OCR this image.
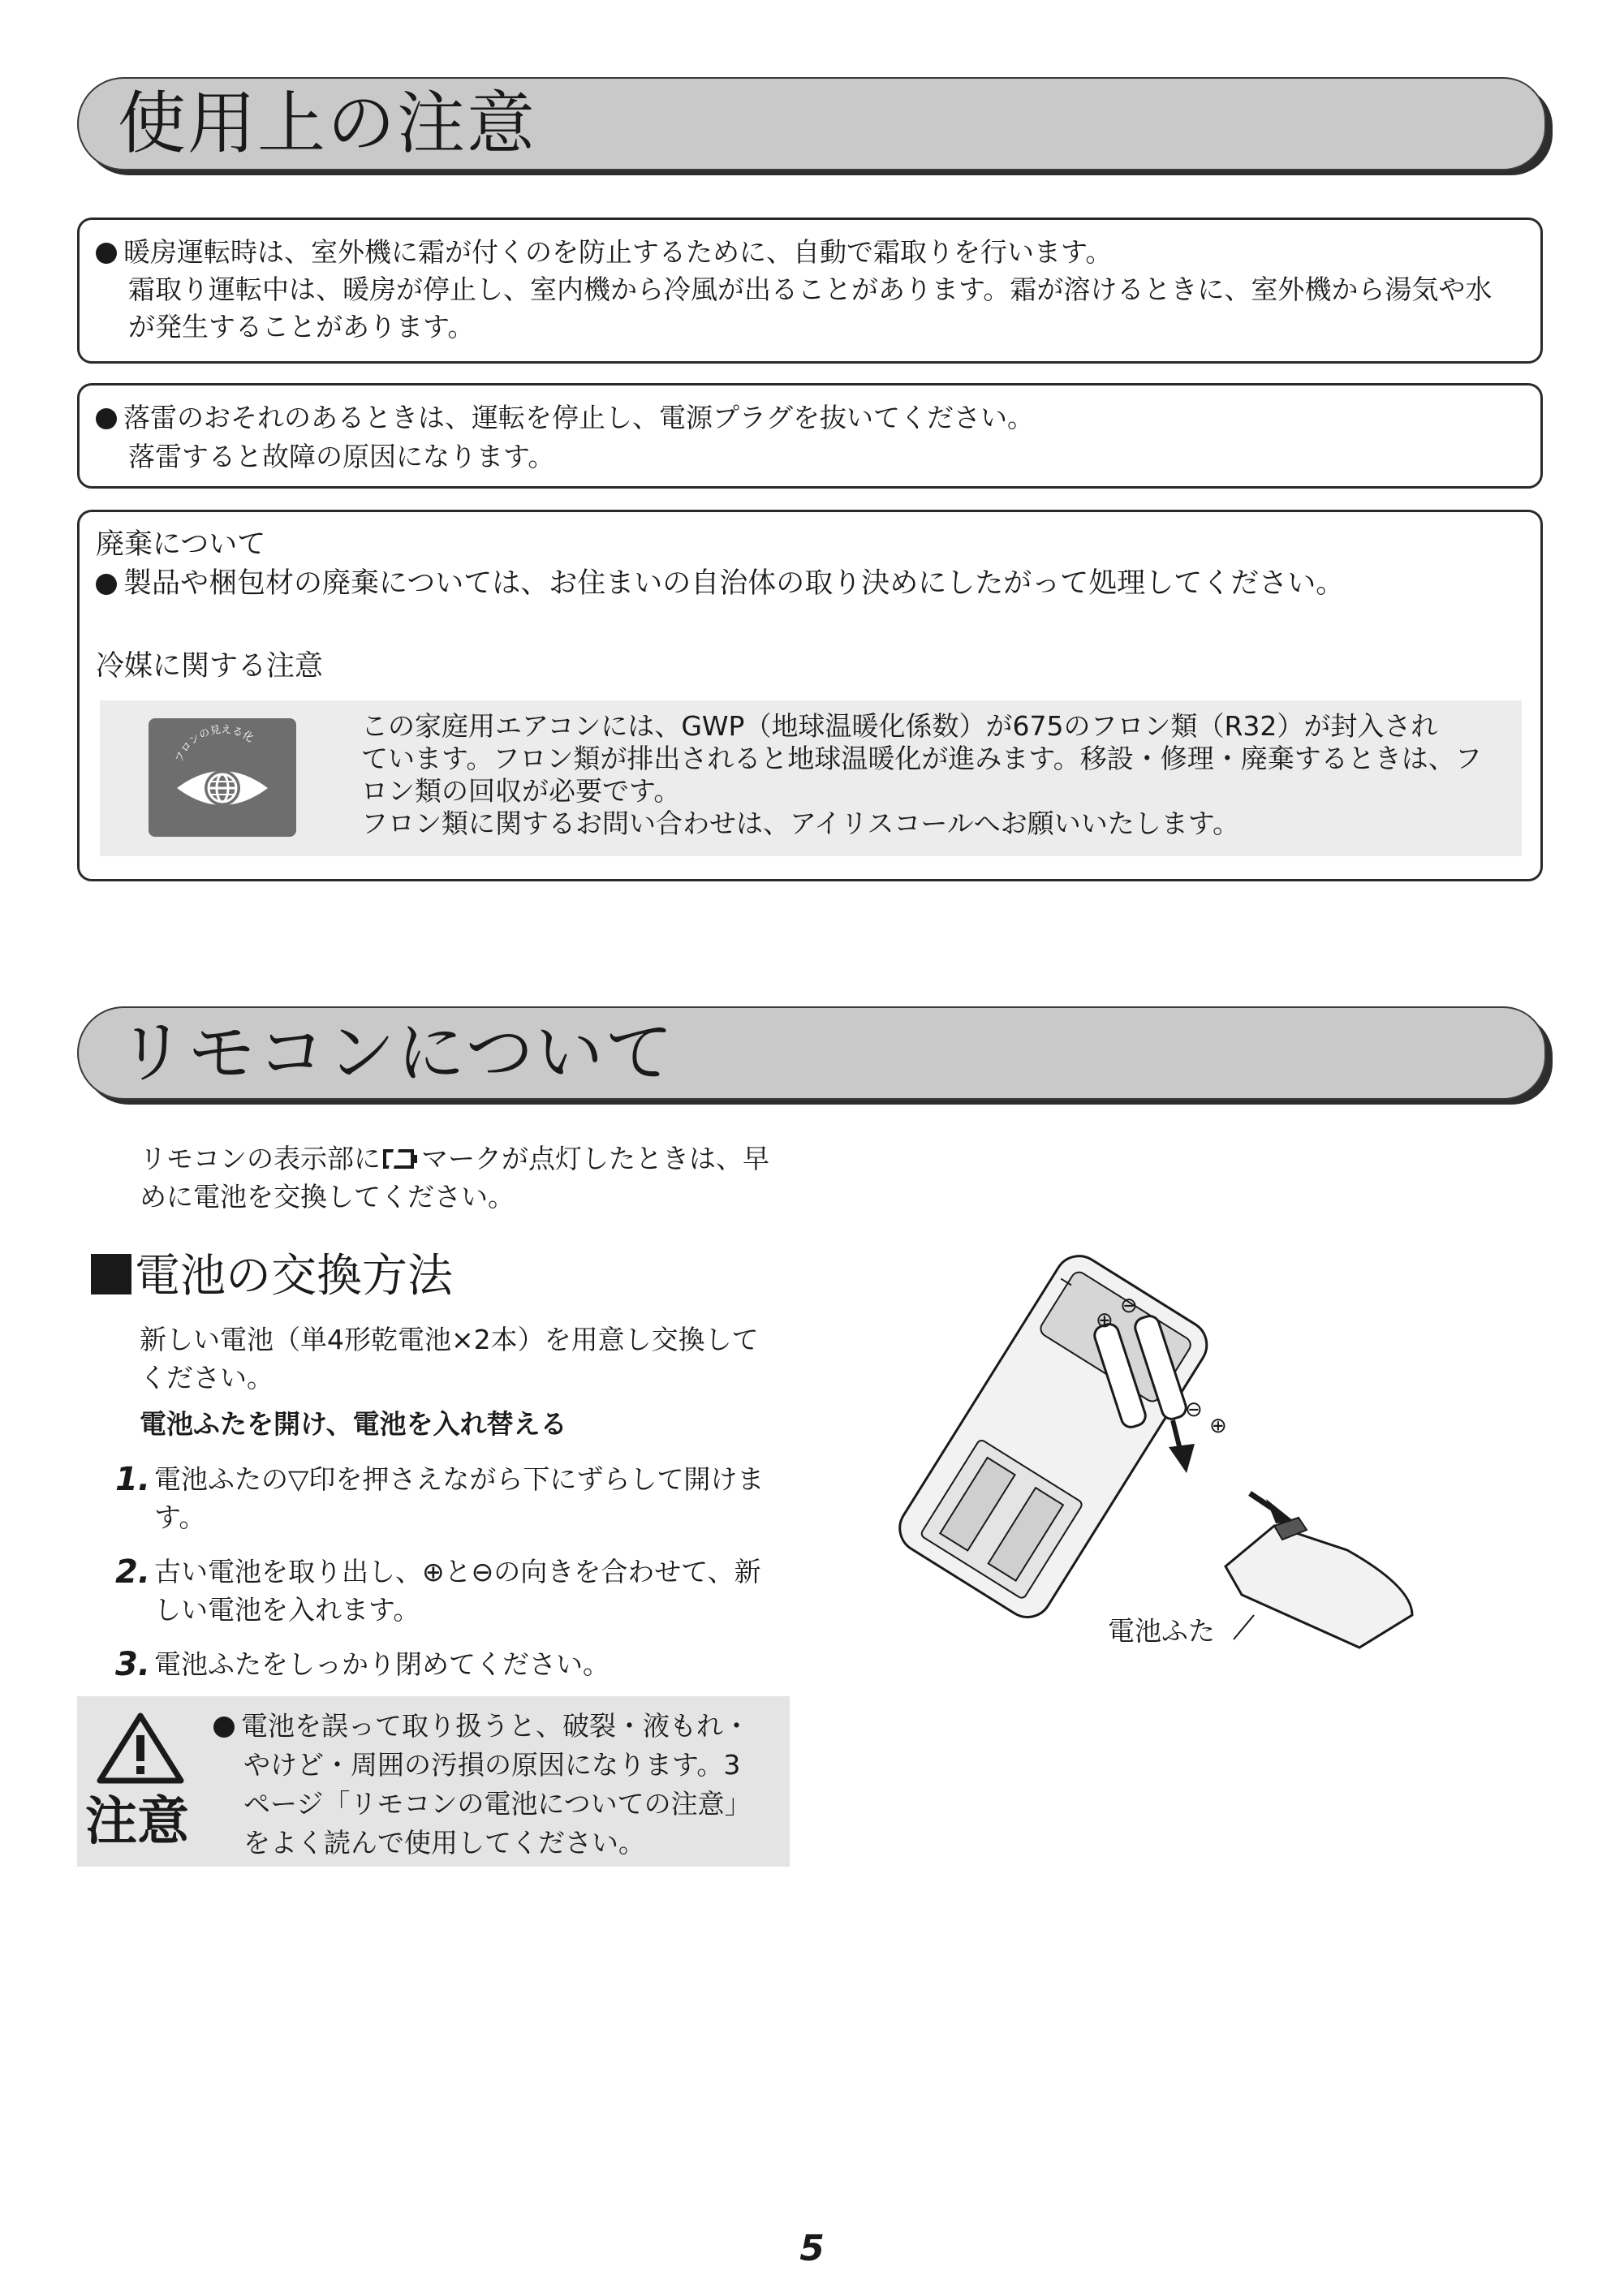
使用上の注意
暖房運転時は、室外機に霜が付くのを防止するために、自動で霜取りを行います。
霜取り運転中は、暖房が停止し、室内機から冷風が出ることがあります。霜が溶けるときに、室外機から湯気や水
が発生することがあります。
落雷のおそれのあるときは、運転を停止し、電源プラグを抜いてください。
落雷すると故障の原因になります。
廃棄について
製品や梱包材の廃棄については、お住まいの自治体の取り決めにしたがって処理してください。
冷媒に関する注意
フロンの見える化	この家庭用エアコンには、GWP（地球温暖化係数）が675のフロン類（R32）が封入され
ています。フロン類が排出されると地球温暖化が進みます。移設・修理・廃棄するときは、フ
ロン類の回収が必要です。
フロン類に関するお問い合わせは、アイリスコールへお願いいたします。
リモコンについて
リモコンの表示部に マークが点灯したときは、早
めに電池を交換してください。
電池の交換方法
新しい電池（単4形乾電池×2本）を用意し交換して
ください。
電池ふたを開け、電池を入れ替える
1. 電池ふたの▽印を押さえながら下にずらして開けま
す。
2. 古い電池を取り出し、⊕と⊖の向きを合わせて、新
しい電池を入れます。
3. 電池ふたをしっかり閉めてください。
注意
電池を誤って取り扱うと、破裂・液もれ・
やけど・周囲の汚損の原因になります。3
ページ「リモコンの電池についての注意」
をよく読んで使用してください。
⊕
⊖
⊖
⊕
電池ふた
5
